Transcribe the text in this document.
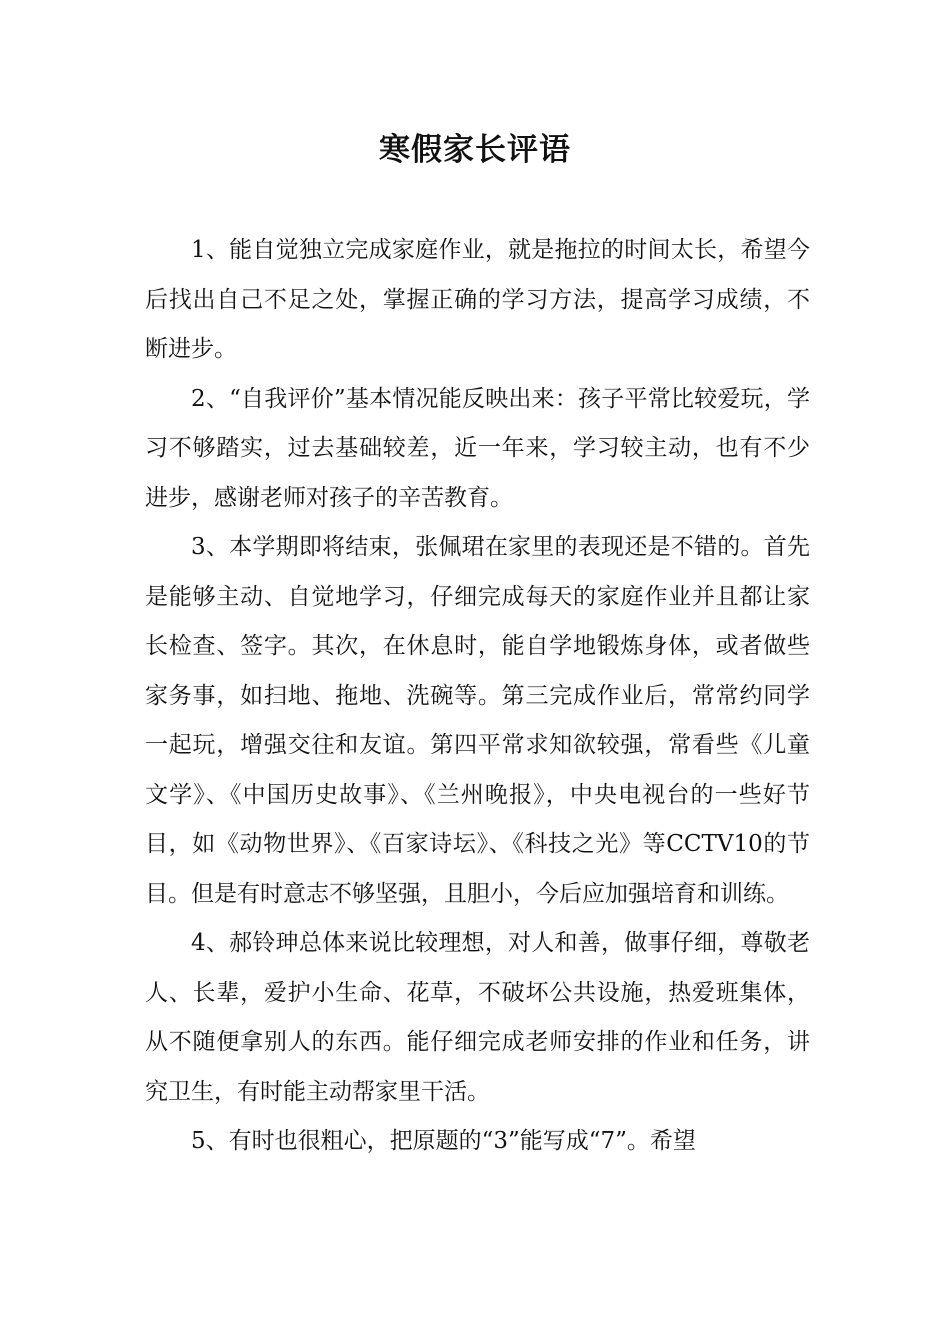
寒假家长评语

1、能自觉独立完成家庭作业，就是拖拉的时间太长，希望今后找出自己不足之处，掌握正确的学习方法，提高学习成绩，不断进步。

2、“自我评价”基本情况能反映出来：孩子平常比较爱玩，学习不够踏实，过去基础较差，近一年来，学习较主动，也有不少进步，感谢老师对孩子的辛苦教育。

3、本学期即将结束，张佩珺在家里的表现还是不错的。首先是能够主动、自觉地学习，仔细完成每天的家庭作业并且都让家长检查、签字。其次，在休息时，能自学地锻炼身体，或者做些家务事，如扫地、拖地、洗碗等。第三完成作业后，常常约同学一起玩，增强交往和友谊。第四平常求知欲较强，常看些《儿童文学》、《中国历史故事》、《兰州晚报》，中央电视台的一些好节目，如《动物世界》、《百家诗坛》、《科技之光》等CCTV10的节目。但是有时意志不够坚强，且胆小，今后应加强培育和训练。

4、郝铃珅总体来说比较理想，对人和善，做事仔细，尊敬老人、长辈，爱护小生命、花草，不破坏公共设施，热爱班集体，从不随便拿别人的东西。能仔细完成老师安排的作业和任务，讲究卫生，有时能主动帮家里干活。

5、有时也很粗心，把原题的“3”能写成“7”。希望
